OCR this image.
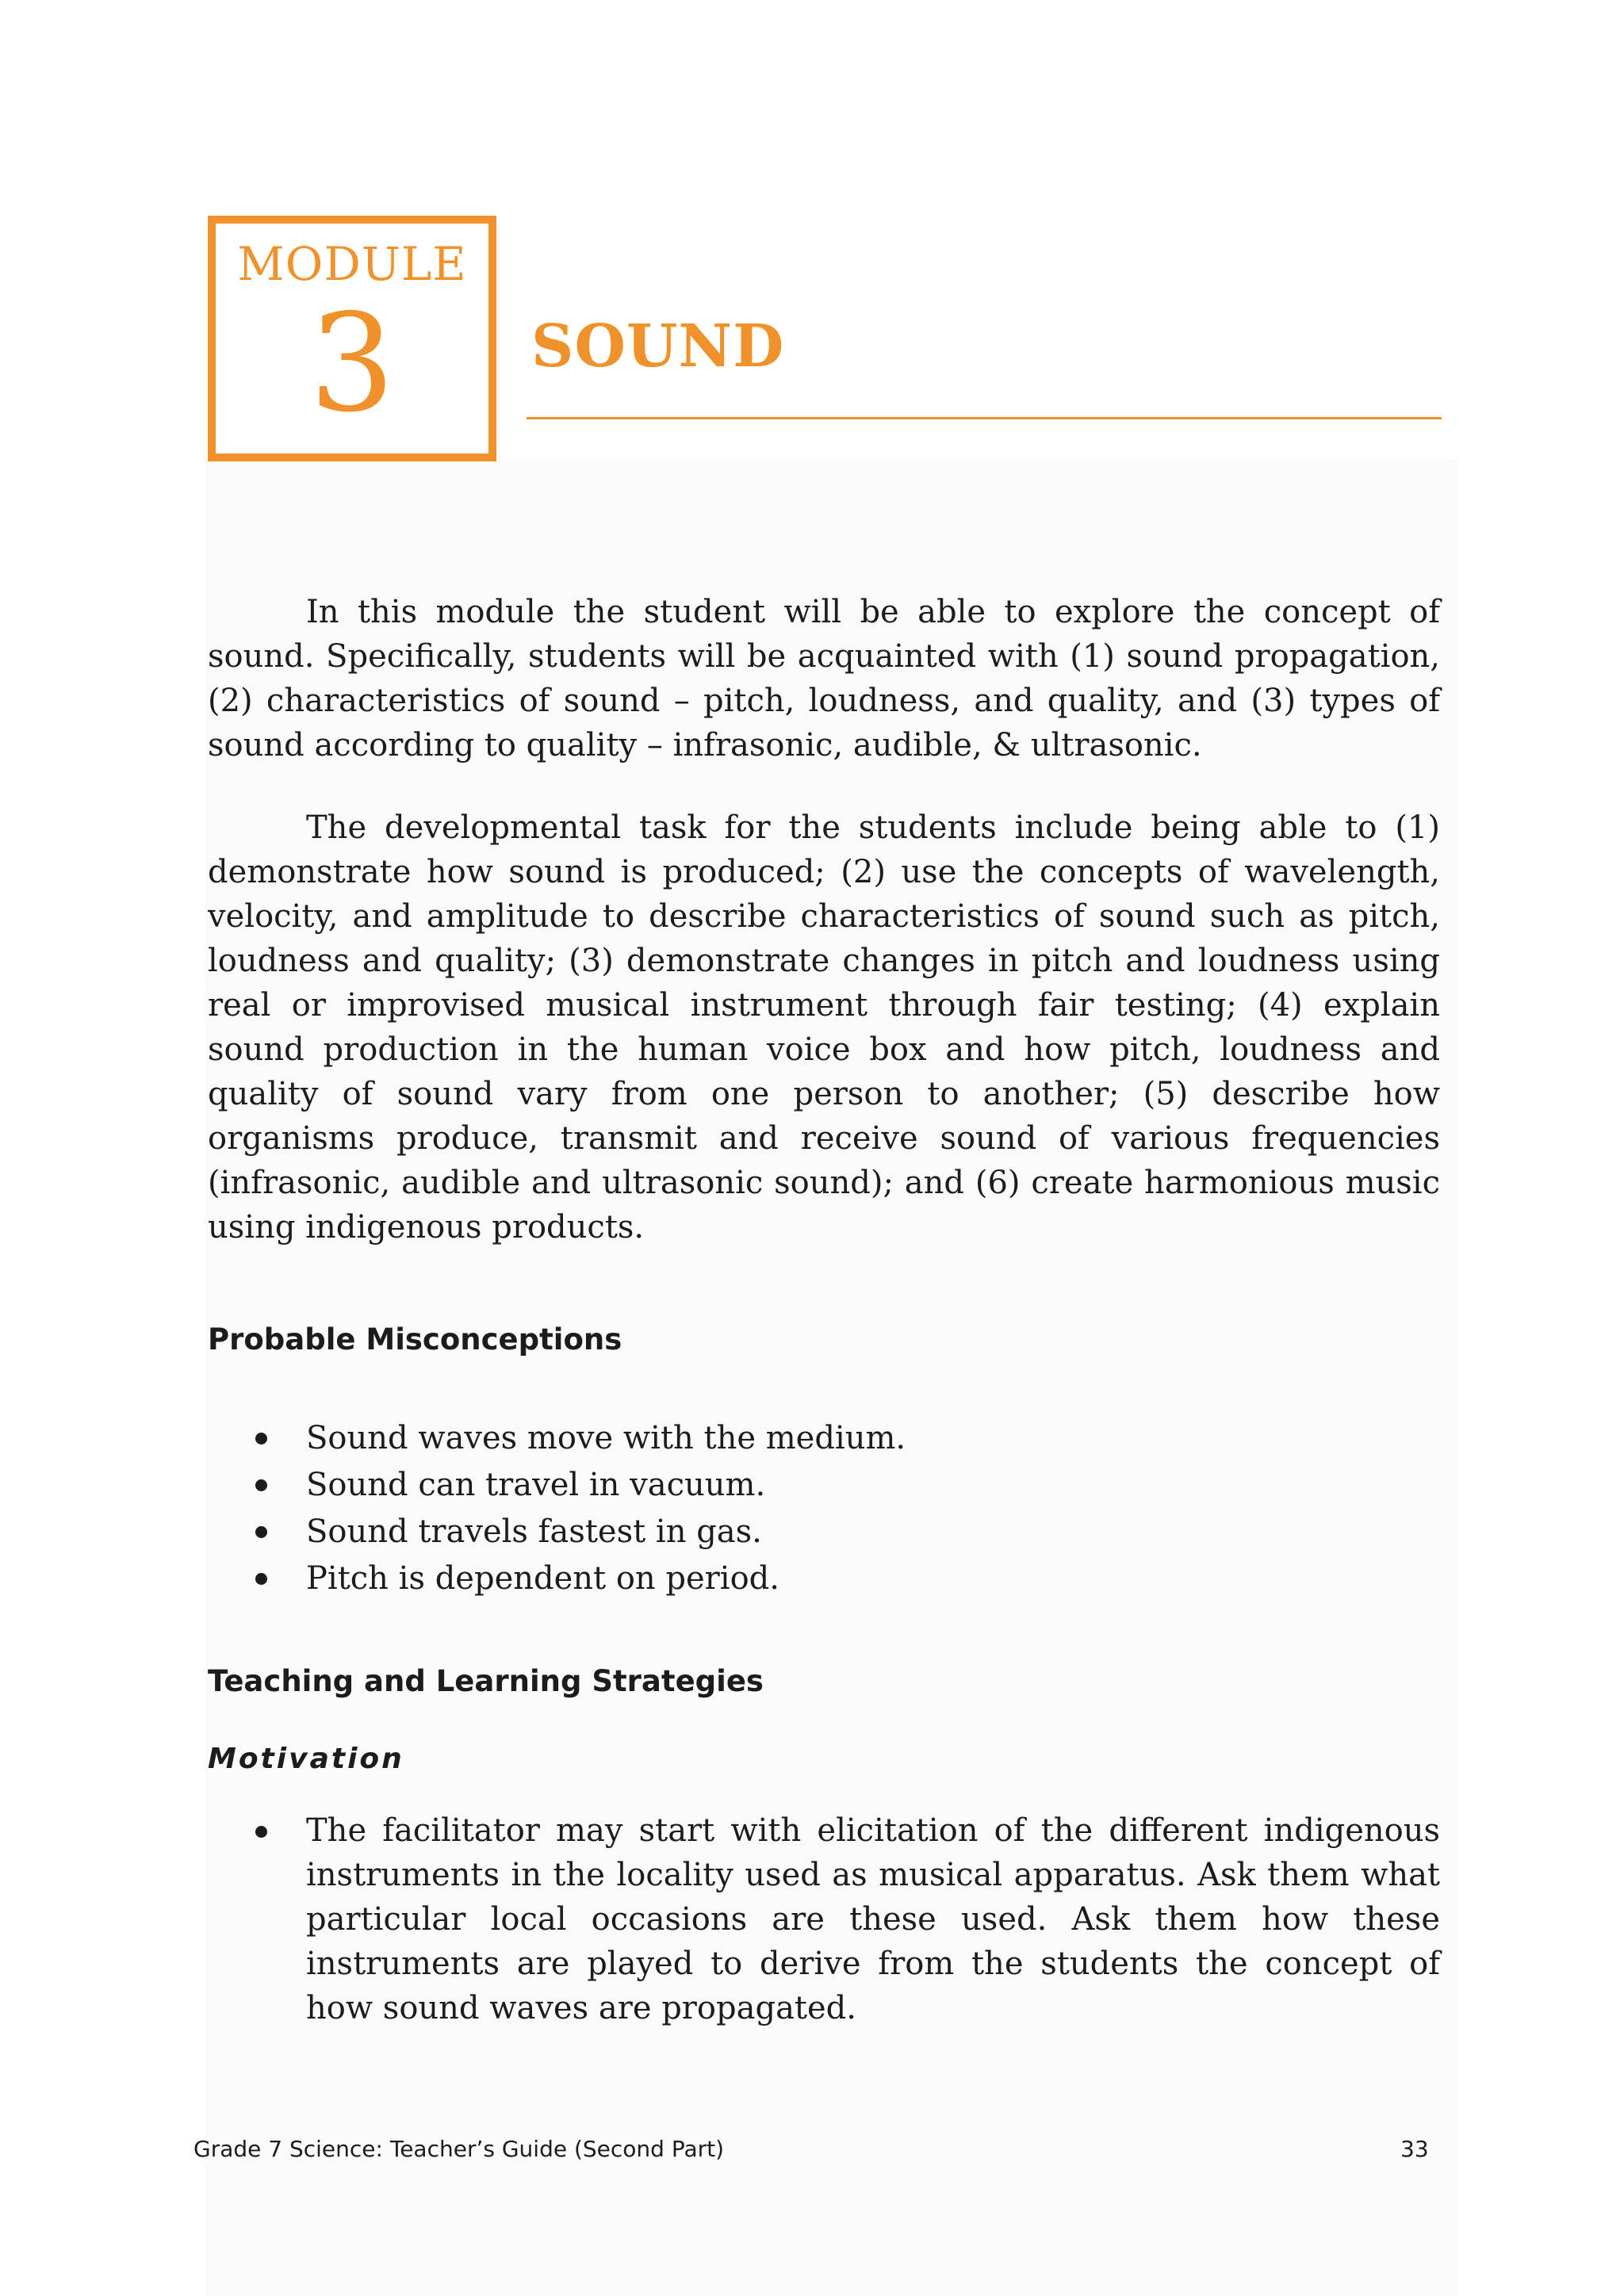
MODULE
3	SOUND

In this module the student will be able to explore the concept of sound. Specifically, students will be acquainted with (1) sound propagation, (2) characteristics of sound – pitch, loudness, and quality, and (3) types of sound according to quality – infrasonic, audible, & ultrasonic.

The developmental task for the students include being able to (1) demonstrate how sound is produced; (2) use the concepts of wavelength, velocity, and amplitude to describe characteristics of sound such as pitch, loudness and quality; (3) demonstrate changes in pitch and loudness using real or improvised musical instrument through fair testing; (4) explain sound production in the human voice box and how pitch, loudness and quality of sound vary from one person to another; (5) describe how organisms produce, transmit and receive sound of various frequencies (infrasonic, audible and ultrasonic sound); and (6) create harmonious music using indigenous products.

Probable Misconceptions
Sound waves move with the medium.
Sound can travel in vacuum.
Sound travels fastest in gas.
Pitch is dependent on period.
Teaching and Learning Strategies
Motivation
The facilitator may start with elicitation of the different indigenous instruments in the locality used as musical apparatus. Ask them what particular local occasions are these used. Ask them how these instruments are played to derive from the students the concept of how sound waves are propagated.
Grade 7 Science: Teacher’s Guide (Second Part)	33
